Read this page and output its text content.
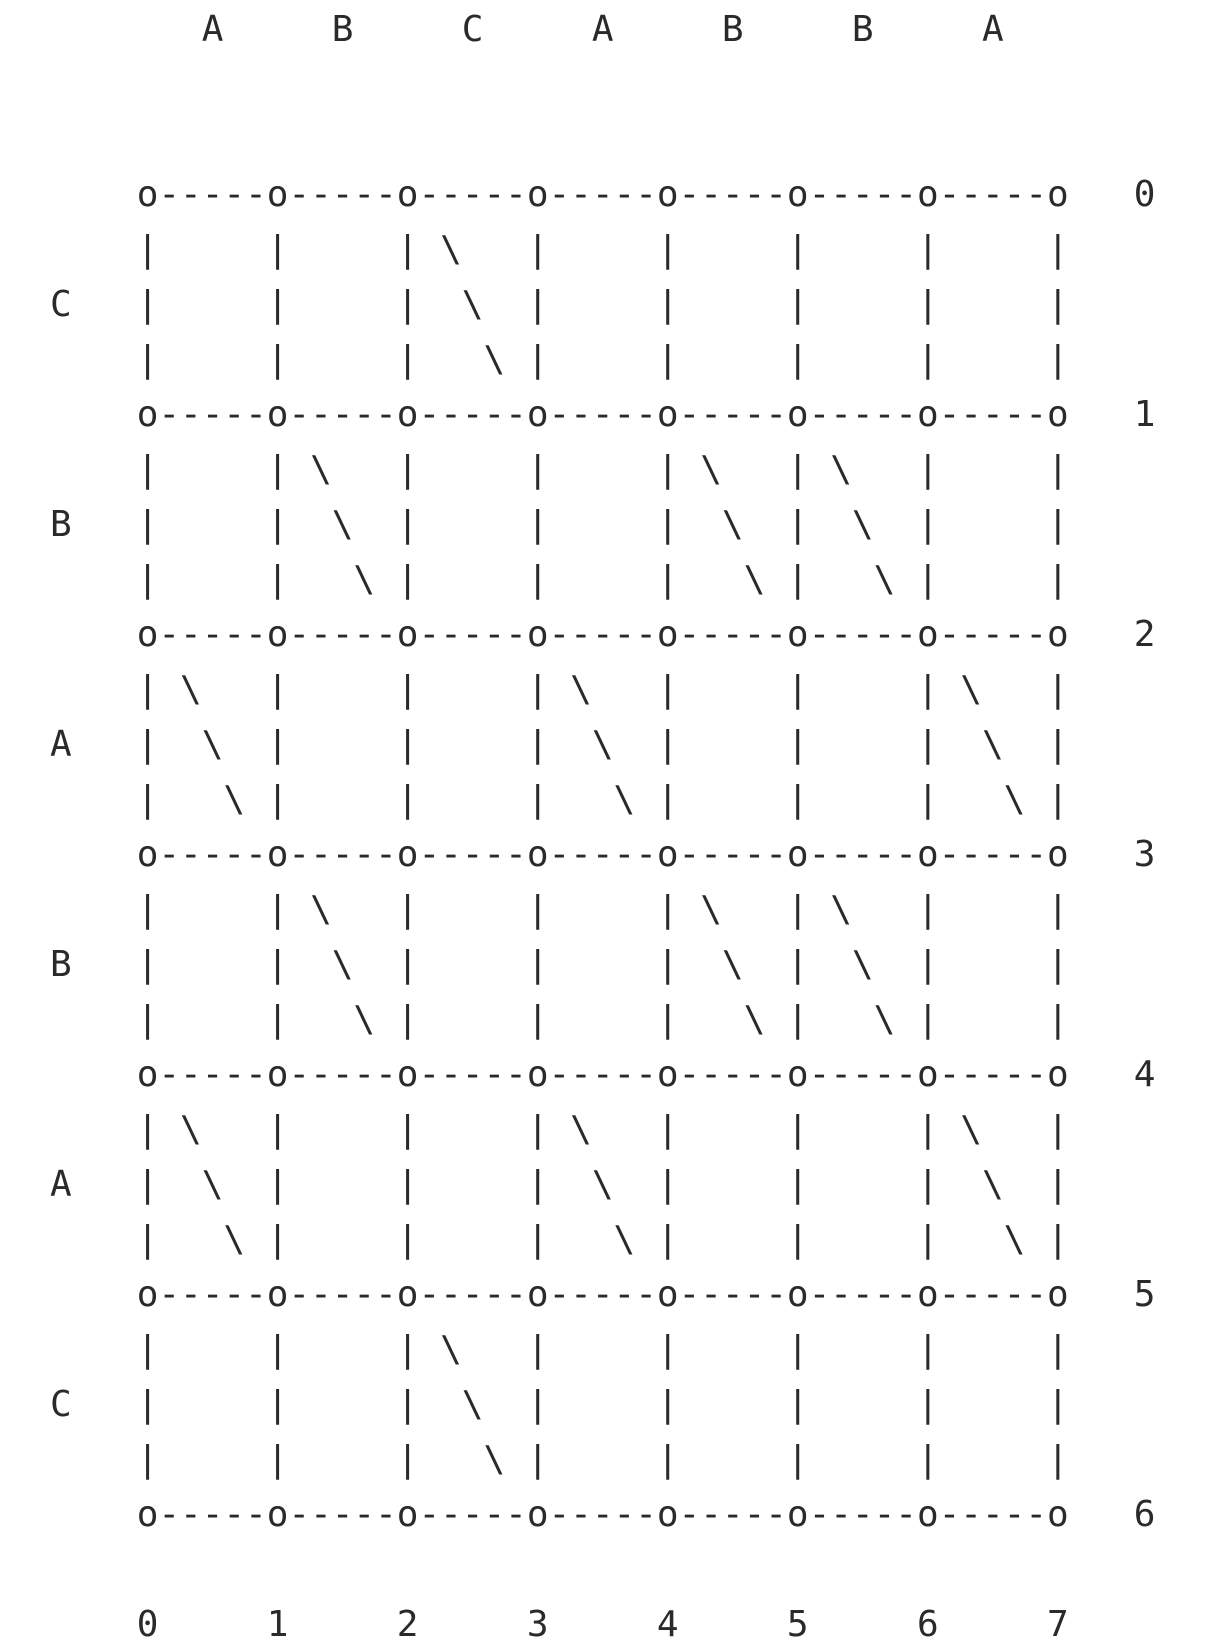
A     B     C     A     B     B     A
o-----o-----o-----o-----o-----o-----o-----o   0
|     |     | \   |     |     |     |     |
C   |     |     |  \  |     |     |     |     |
|     |     |   \ |     |     |     |     |
o-----o-----o-----o-----o-----o-----o-----o   1
|     | \   |     |     | \   | \   |     |
B   |     |  \  |     |     |  \  |  \  |     |
|     |   \ |     |     |   \ |   \ |     |
o-----o-----o-----o-----o-----o-----o-----o   2
| \   |     |     | \   |     |     | \   |
A   |  \  |     |     |  \  |     |     |  \  |
|   \ |     |     |   \ |     |     |   \ |
o-----o-----o-----o-----o-----o-----o-----o   3
|     | \   |     |     | \   | \   |     |
B   |     |  \  |     |     |  \  |  \  |     |
|     |   \ |     |     |   \ |   \ |     |
o-----o-----o-----o-----o-----o-----o-----o   4
| \   |     |     | \   |     |     | \   |
A   |  \  |     |     |  \  |     |     |  \  |
|   \ |     |     |   \ |     |     |   \ |
o-----o-----o-----o-----o-----o-----o-----o   5
|     |     | \   |     |     |     |     |
C   |     |     |  \  |     |     |     |     |
|     |     |   \ |     |     |     |     |
o-----o-----o-----o-----o-----o-----o-----o   6
0     1     2     3     4     5     6     7
